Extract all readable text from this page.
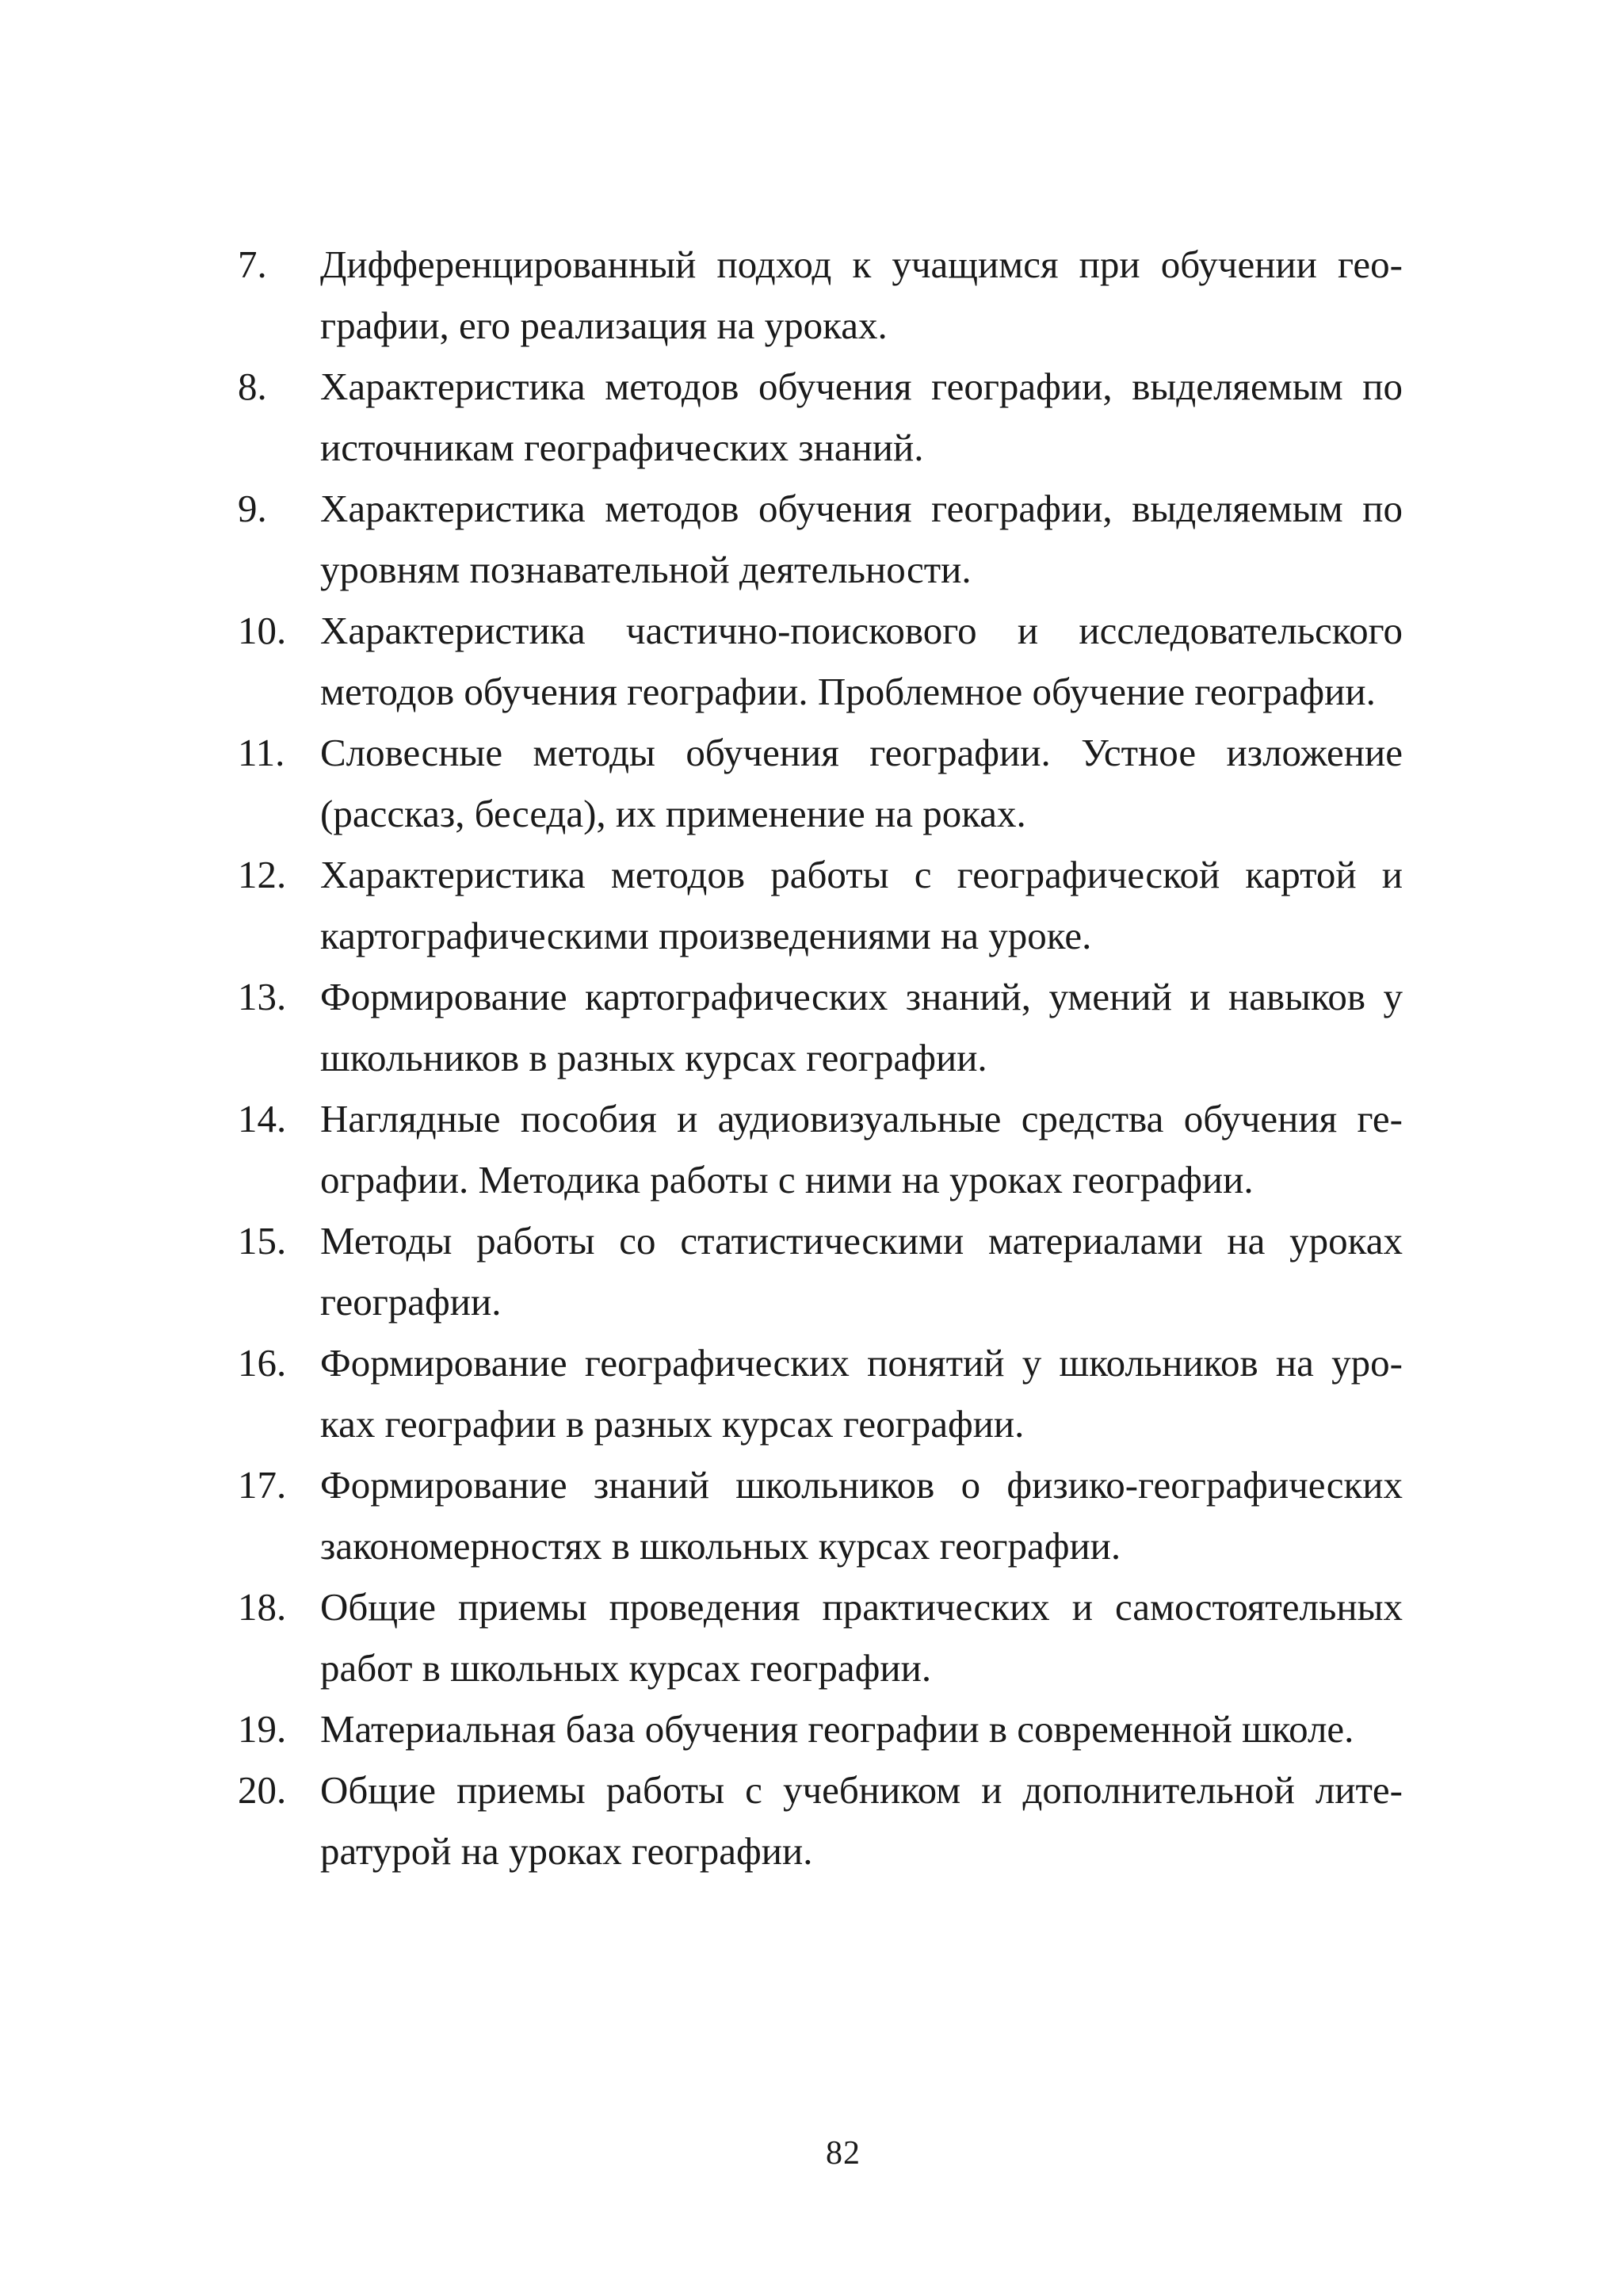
7.	Дифференцированный подход к учащимся при обучении гео-графии, его реализация на уроках.
8.	Характеристика методов обучения географии, выделяемым по источникам географических знаний.
9.	Характеристика методов обучения географии, выделяемым по уровням познавательной деятельности.
10. Характеристика частично-поискового и исследовательского методов обучения географии. Проблемное обучение географии.
11. Словесные методы обучения географии. Устное изложение (рассказ, беседа), их применение на роках.
12. Характеристика методов работы с географической картой и картографическими произведениями на уроке.
13. Формирование картографических знаний, умений и навыков у школьников в разных курсах географии.
14. Наглядные пособия и аудиовизуальные средства обучения ге-ографии. Методика работы с ними на уроках географии.
15. Методы работы со статистическими материалами на уроках географии.
16. Формирование географических понятий у школьников на уро-ках географии в разных курсах географии.
17. Формирование знаний школьников о физико-географических закономерностях в школьных курсах географии.
18. Общие приемы проведения практических и самостоятельных работ в школьных курсах географии.
19. Материальная база обучения географии в современной школе.
20. Общие приемы работы с учебником и дополнительной лите-ратурой на уроках географии.
82
